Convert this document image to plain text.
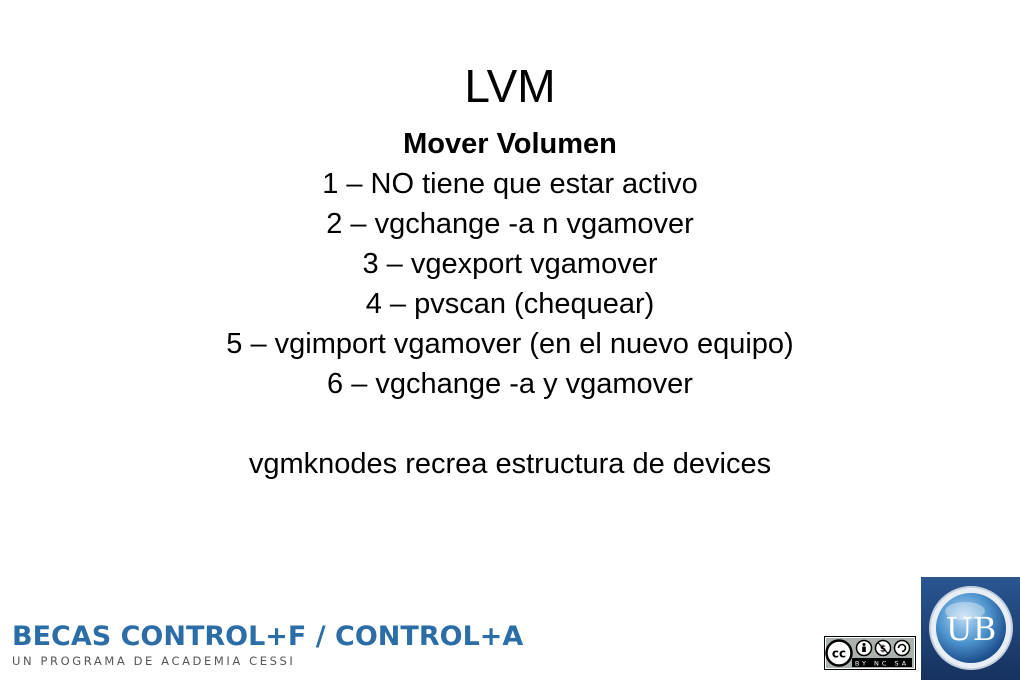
LVM
Mover Volumen
1 – NO tiene que estar activo
2 – vgchange -a n vgamover
3 – vgexport vgamover
4 – pvscan (chequear)
5 – vgimport vgamover (en el nuevo equipo)
6 – vgchange -a y vgamover
vgmknodes recrea estructura de devices
BECAS CONTROL+F / CONTROL+A
UN PROGRAMA DE ACADEMIA CESSI
cc	$
BY NC SA
UB
